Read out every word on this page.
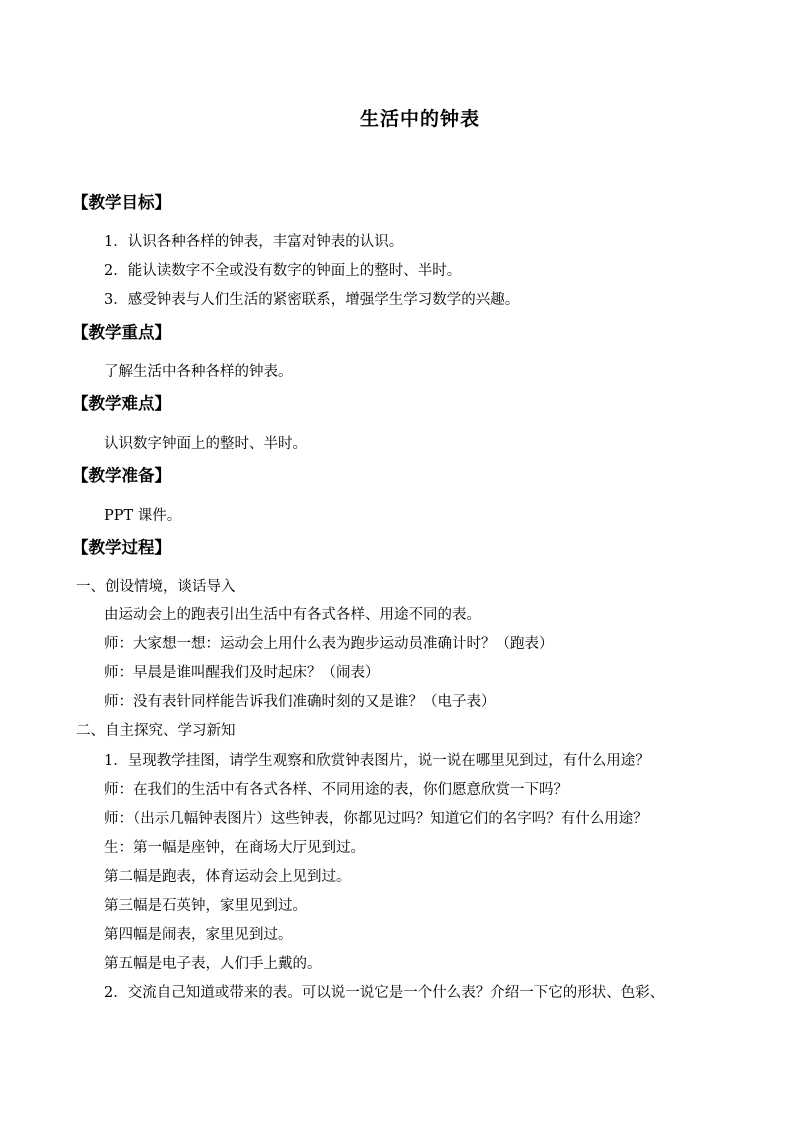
生活中的钟表
【教学目标】
1．认识各种各样的钟表，丰富对钟表的认识。
2．能认读数字不全或没有数字的钟面上的整时、半时。
3．感受钟表与人们生活的紧密联系，增强学生学习数学的兴趣。
【教学重点】
了解生活中各种各样的钟表。
【教学难点】
认识数字钟面上的整时、半时。
【教学准备】
PPT 课件。
【教学过程】
一、创设情境，谈话导入
由运动会上的跑表引出生活中有各式各样、用途不同的表。
师：大家想一想：运动会上用什么表为跑步运动员准确计时？（跑表）
师：早晨是谁叫醒我们及时起床？（闹表）
师：没有表针同样能告诉我们准确时刻的又是谁？（电子表）
二、自主探究、学习新知
1．呈现教学挂图，请学生观察和欣赏钟表图片，说一说在哪里见到过，有什么用途？
师：在我们的生活中有各式各样、不同用途的表，你们愿意欣赏一下吗？
师：（出示几幅钟表图片）这些钟表，你都见过吗？知道它们的名字吗？有什么用途？
生：第一幅是座钟，在商场大厅见到过。
第二幅是跑表，体育运动会上见到过。
第三幅是石英钟，家里见到过。
第四幅是闹表，家里见到过。
第五幅是电子表，人们手上戴的。
2．交流自己知道或带来的表。可以说一说它是一个什么表？介绍一下它的形状、色彩、
